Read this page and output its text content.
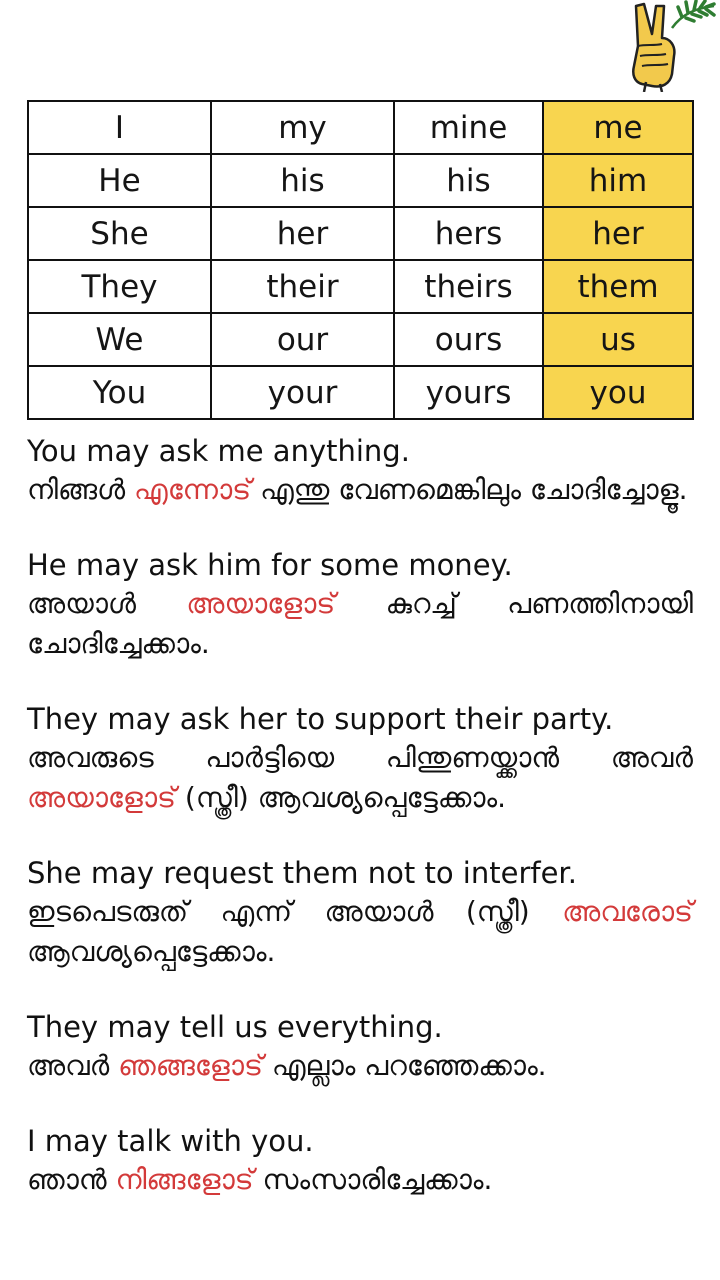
I	my	mine	me
He	his	his	him
She	her	hers	her
They	their	theirs	them
We	our	ours	us
You	your	yours	you
You may ask me anything.
നിങ്ങൾ എന്നോട് എന്തു വേണമെങ്കിലും ചോദിച്ചോളൂ.
He may ask him for some money.
അയാൾ അയാളോട് കുറച്ച് പണത്തിനായി ചോദിച്ചേക്കാം.
They may ask her to support their party.
അവരുടെ പാർട്ടിയെ പിന്തുണയ്ക്കാൻ അവർ അയാളോട് (സ്ത്രീ) ആവശ്യപ്പെട്ടേക്കാം.
She may request them not to interfer.
ഇടപെടരുത് എന്ന് അയാൾ (സ്ത്രീ) അവരോട് ആവശ്യപ്പെട്ടേക്കാം.
They may tell us everything.
അവർ ഞങ്ങളോട് എല്ലാം പറഞ്ഞേക്കാം.
I may talk with you.
ഞാൻ നിങ്ങളോട് സംസാരിച്ചേക്കാം.
